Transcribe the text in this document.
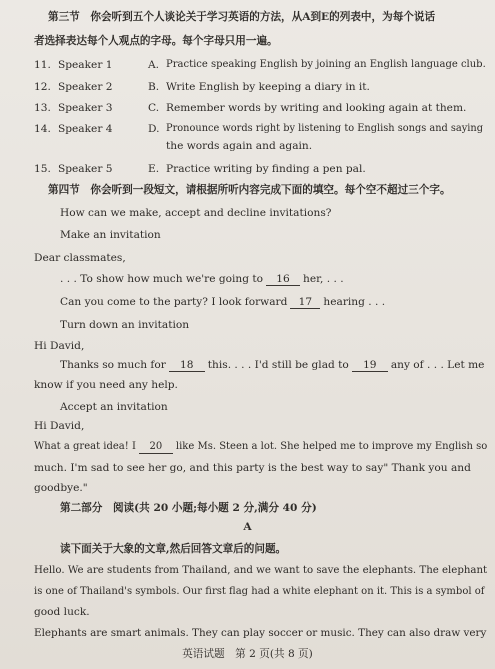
第三节　你会听到五个人谈论关于学习英语的方法，从A到E的列表中，为每个说话
者选择表达每个人观点的字母。每个字母只用一遍。
11. Speaker 1	A. Practice speaking English by joining an English language club.
12. Speaker 2	B. Write English by keeping a diary in it.
13. Speaker 3	C. Remember words by writing and looking again at them.
14. Speaker 4	D. Pronounce words right by listening to English songs and saying
the words again and again.
15. Speaker 5	E. Practice writing by finding a pen pal.
第四节　你会听到一段短文，请根据所听内容完成下面的填空。每个空不超过三个字。
How can we make, accept and decline invitations?
Make an invitation
Dear classmates,
. . . To show how much we're going to 16 her, . . .
Can you come to the party? I look forward 17 hearing . . .
Turn down an invitation
Hi David,
Thanks so much for 18 this. . . . I'd still be glad to 19 any of . . . Let me
know if you need any help.
Accept an invitation
Hi David,
What a great idea! I 20 like Ms. Steen a lot. She helped me to improve my English so
much. I'm sad to see her go, and this party is the best way to say" Thank you and
goodbye."
第二部分　阅读(共 20 小题;每小题 2 分,满分 40 分)
A
读下面关于大象的文章,然后回答文章后的问题。
Hello. We are students from Thailand, and we want to save the elephants. The elephant
is one of Thailand's symbols. Our first flag had a white elephant on it. This is a symbol of
good luck.
Elephants are smart animals. They can play soccer or music. They can also draw very
英语试题　第 2 页(共 8 页)
